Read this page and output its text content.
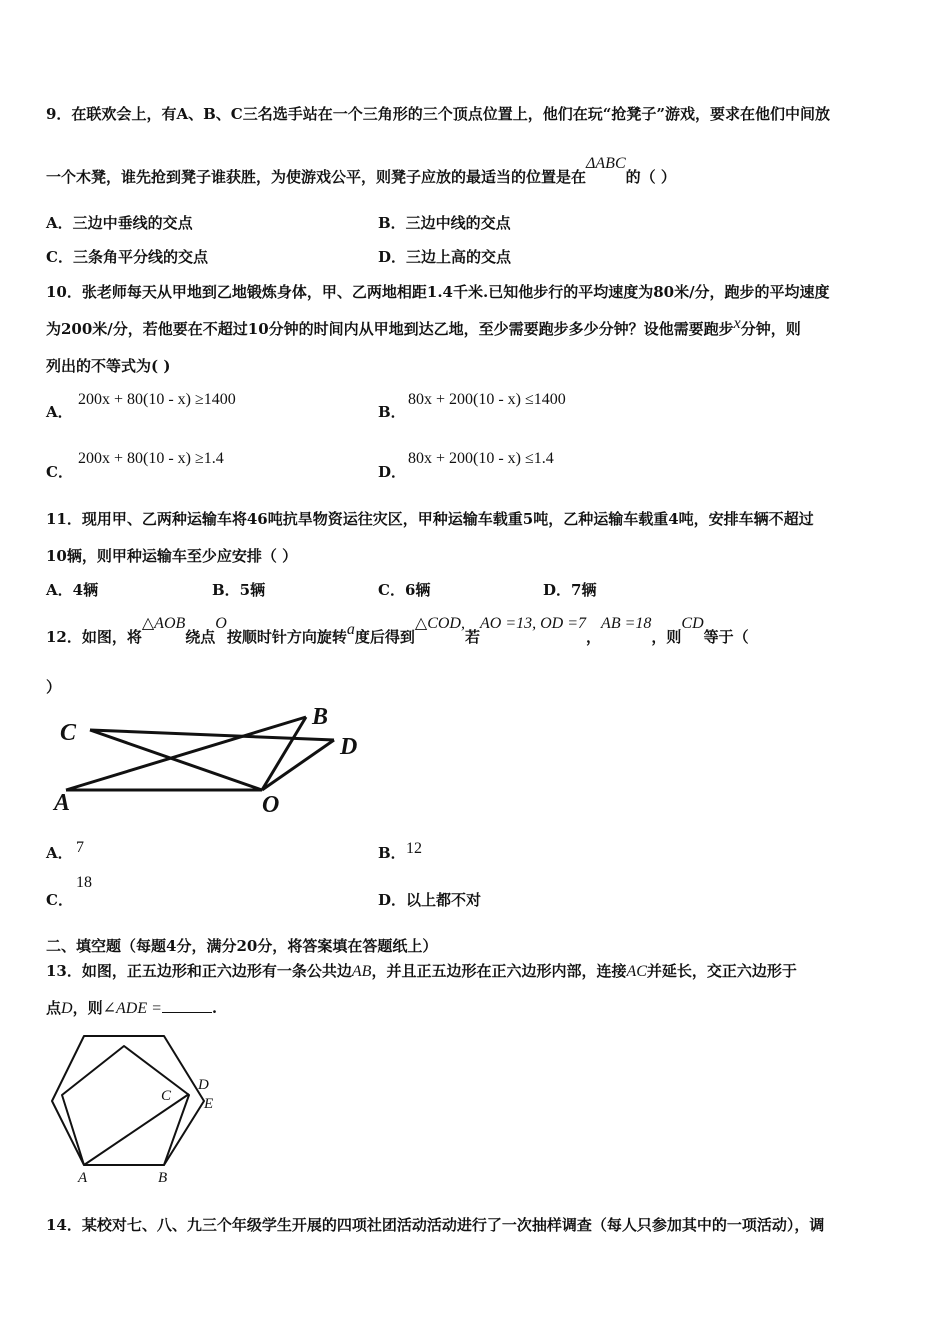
9．在联欢会上，有A、B、C三名选手站在一个三角形的三个顶点位置上，他们在玩“抢凳子”游戏，要求在他们中间放
一个木凳，谁先抢到凳子谁获胜，为使游戏公平，则凳子应放的最适当的位置是在ΔABC的（ ）
A．三边中垂线的交点	B．三边中线的交点
C．三条角平分线的交点	D．三边上高的交点
10．张老师每天从甲地到乙地锻炼身体，甲、乙两地相距1.4千米.已知他步行的平均速度为80米/分，跑步的平均速度
为200米/分，若他要在不超过10分钟的时间内从甲地到达乙地，至少需要跑步多少分钟？设他需要跑步x分钟，则
列出的不等式为( )
A．
200x + 80(10 - x) ≥1400
B．
80x + 200(10 - x) ≤1400
C．
200x + 80(10 - x) ≥1.4
D．
80x + 200(10 - x) ≤1.4
11．现用甲、乙两种运输车将46吨抗旱物资运往灾区，甲种运输车载重5吨，乙种运输车载重4吨，安排车辆不超过
10辆，则甲种运输车至少应安排（ ）
A．4辆	B．5辆	C．6辆	D．7辆
12．如图，将△AOB绕点O按顺时针方向旋转a度后得到△COD,若AO =13, OD =7，AB =18，则CD等于（
）
C
B
D
A	O
A． 7	B． 12
C．
18
D．以上都不对
二、填空题（每题4分，满分20分，将答案填在答题纸上）
13．如图，正五边形和正六边形有一条公共边AB，并且正五边形在正六边形内部，连接AC并延长，交正六边形于
点D，则∠ADE =	.
C
D
E
A	B
14．某校对七、八、九三个年级学生开展的四项社团活动活动进行了一次抽样调查（每人只参加其中的一项活动），调
